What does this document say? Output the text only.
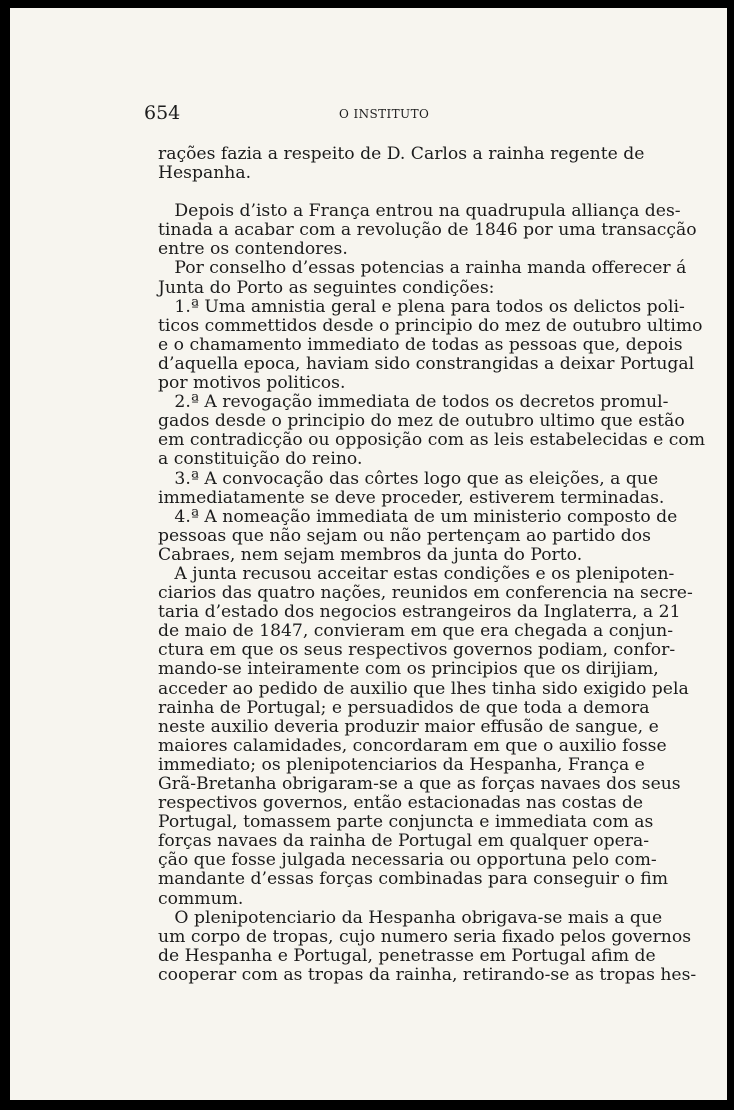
654	O INSTITUTO
rações fazia a respeito de D. Carlos a rainha regente de
Hespanha.
Depois d’isto a França entrou na quadrupula alliança des-
tinada a acabar com a revolução de 1846 por uma transacção
entre os contendores.
Por conselho d’essas potencias a rainha manda offerecer á
Junta do Porto as seguintes condições:
1.ª Uma amnistia geral e plena para todos os delictos poli-
ticos commettidos desde o principio do mez de outubro ultimo
e o chamamento immediato de todas as pessoas que, depois
d’aquella epoca, haviam sido constrangidas a deixar Portugal
por motivos politicos.
2.ª A revogação immediata de todos os decretos promul-
gados desde o principio do mez de outubro ultimo que estão
em contradicção ou opposição com as leis estabelecidas e com
a constituição do reino.
3.ª A convocação das côrtes logo que as eleições, a que
immediatamente se deve proceder, estiverem terminadas.
4.ª A nomeação immediata de um ministerio composto de
pessoas que não sejam ou não pertençam ao partido dos
Cabraes, nem sejam membros da junta do Porto.
A junta recusou acceitar estas condições e os plenipoten-
ciarios das quatro nações, reunidos em conferencia na secre-
taria d’estado dos negocios estrangeiros da Inglaterra, a 21
de maio de 1847, convieram em que era chegada a conjun-
ctura em que os seus respectivos governos podiam, confor-
mando-se inteiramente com os principios que os dirijiam,
acceder ao pedido de auxilio que lhes tinha sido exigido pela
rainha de Portugal; e persuadidos de que toda a demora
neste auxilio deveria produzir maior effusão de sangue, e
maiores calamidades, concordaram em que o auxilio fosse
immediato; os plenipotenciarios da Hespanha, França e
Grã-Bretanha obrigaram-se a que as forças navaes dos seus
respectivos governos, então estacionadas nas costas de
Portugal, tomassem parte conjuncta e immediata com as
forças navaes da rainha de Portugal em qualquer opera-
ção que fosse julgada necessaria ou opportuna pelo com-
mandante d’essas forças combinadas para conseguir o fim
commum.
O plenipotenciario da Hespanha obrigava-se mais a que
um corpo de tropas, cujo numero seria fixado pelos governos
de Hespanha e Portugal, penetrasse em Portugal afim de
cooperar com as tropas da rainha, retirando-se as tropas hes-
